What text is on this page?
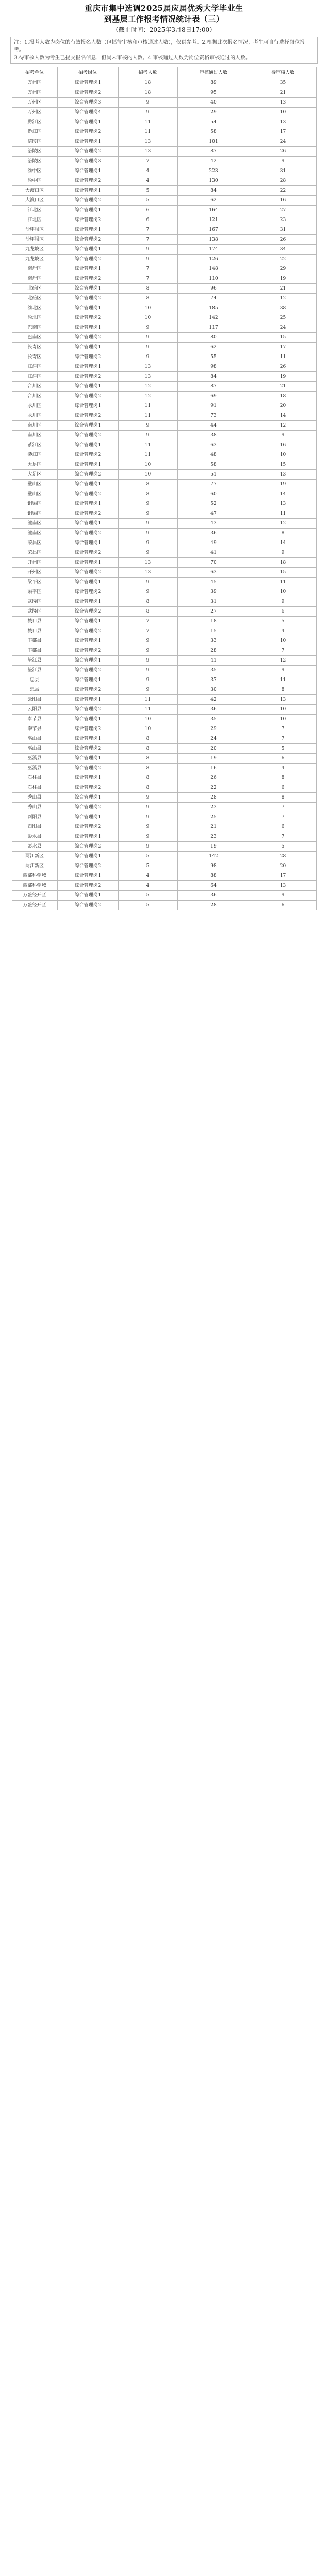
重庆市集中选调2025届应届优秀大学毕业生
到基层工作报考情况统计表（三）
（截止时间：2025年3月8日17:00）

注：1.报考人数为岗位的有效报名人数（包括待审核和审核通过人数），仅供参考。2.根据此次报名情况，考生可自行选择岗位报考。

3.待审核人数为考生已提交报名信息，但尚未审核的人数。4.审核通过人数为岗位资格审核通过的人数。

招考单位	招考岗位	招考人数	审核通过人数	待审核人数
万州区	综合管理岗1	18	89	35
万州区	综合管理岗2	18	95	21
万州区	综合管理岗3	9	40	13
万州区	综合管理岗4	9	29	10
黔江区	综合管理岗1	11	54	13
黔江区	综合管理岗2	11	58	17
涪陵区	综合管理岗1	13	101	24
涪陵区	综合管理岗2	13	87	26
涪陵区	综合管理岗3	7	42	9
渝中区	综合管理岗1	4	223	31
渝中区	综合管理岗2	4	130	28
大渡口区	综合管理岗1	5	84	22
大渡口区	综合管理岗2	5	62	16
江北区	综合管理岗1	6	164	27
江北区	综合管理岗2	6	121	23
沙坪坝区	综合管理岗1	7	167	31
沙坪坝区	综合管理岗2	7	138	26
九龙坡区	综合管理岗1	9	174	34
九龙坡区	综合管理岗2	9	126	22
南岸区	综合管理岗1	7	148	29
南岸区	综合管理岗2	7	110	19
北碚区	综合管理岗1	8	96	21
北碚区	综合管理岗2	8	74	12
渝北区	综合管理岗1	10	185	38
渝北区	综合管理岗2	10	142	25
巴南区	综合管理岗1	9	117	24
巴南区	综合管理岗2	9	80	15
长寿区	综合管理岗1	9	62	17
长寿区	综合管理岗2	9	55	11
江津区	综合管理岗1	13	98	26
江津区	综合管理岗2	13	84	19
合川区	综合管理岗1	12	87	21
合川区	综合管理岗2	12	69	18
永川区	综合管理岗1	11	91	20
永川区	综合管理岗2	11	73	14
南川区	综合管理岗1	9	44	12
南川区	综合管理岗2	9	38	9
綦江区	综合管理岗1	11	63	16
綦江区	综合管理岗2	11	48	10
大足区	综合管理岗1	10	58	15
大足区	综合管理岗2	10	51	13
璧山区	综合管理岗1	8	77	19
璧山区	综合管理岗2	8	60	14
铜梁区	综合管理岗1	9	52	13
铜梁区	综合管理岗2	9	47	11
潼南区	综合管理岗1	9	43	12
潼南区	综合管理岗2	9	36	8
荣昌区	综合管理岗1	9	49	14
荣昌区	综合管理岗2	9	41	9
开州区	综合管理岗1	13	70	18
开州区	综合管理岗2	13	63	15
梁平区	综合管理岗1	9	45	11
梁平区	综合管理岗2	9	39	10
武隆区	综合管理岗1	8	31	9
武隆区	综合管理岗2	8	27	6
城口县	综合管理岗1	7	18	5
城口县	综合管理岗2	7	15	4
丰都县	综合管理岗1	9	33	10
丰都县	综合管理岗2	9	28	7
垫江县	综合管理岗1	9	41	12
垫江县	综合管理岗2	9	35	9
忠县	综合管理岗1	9	37	11
忠县	综合管理岗2	9	30	8
云阳县	综合管理岗1	11	42	13
云阳县	综合管理岗2	11	36	10
奉节县	综合管理岗1	10	35	10
奉节县	综合管理岗2	10	29	7
巫山县	综合管理岗1	8	24	7
巫山县	综合管理岗2	8	20	5
巫溪县	综合管理岗1	8	19	6
巫溪县	综合管理岗2	8	16	4
石柱县	综合管理岗1	8	26	8
石柱县	综合管理岗2	8	22	6
秀山县	综合管理岗1	9	28	8
秀山县	综合管理岗2	9	23	7
酉阳县	综合管理岗1	9	25	7
酉阳县	综合管理岗2	9	21	6
彭水县	综合管理岗1	9	23	7
彭水县	综合管理岗2	9	19	5
两江新区	综合管理岗1	5	142	28
两江新区	综合管理岗2	5	98	20
西部科学城	综合管理岗1	4	88	17
西部科学城	综合管理岗2	4	64	13
万盛经开区	综合管理岗1	5	36	9
万盛经开区	综合管理岗2	5	28	6
